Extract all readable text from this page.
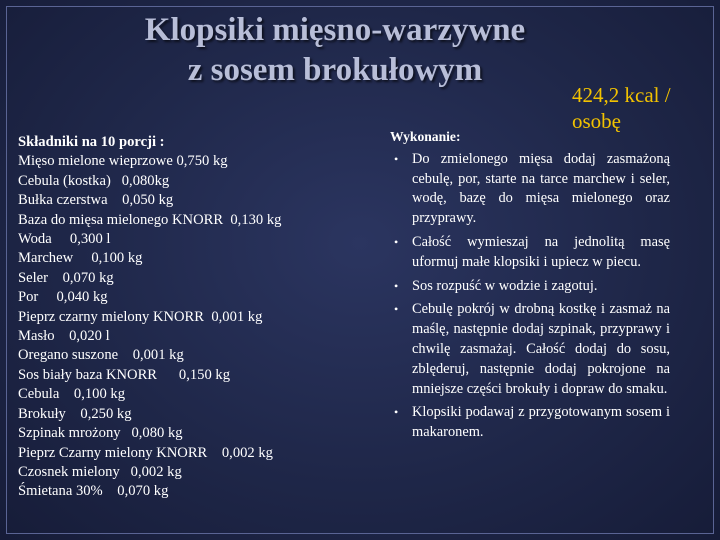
Klopsiki mięsno-warzywne
z sosem brokułowym
424,2 kcal /
osobę
Składniki na 10 porcji :
Mięso mielone wieprzowe 0,750 kg
Cebula (kostka)   0,080kg
Bułka czerstwa    0,050 kg
Baza do mięsa mielonego KNORR  0,130 kg
Woda     0,300 l
Marchew     0,100 kg
Seler    0,070 kg
Por     0,040 kg
Pieprz czarny mielony KNORR  0,001 kg
Masło    0,020 l
Oregano suszone    0,001 kg
Sos biały baza KNORR      0,150 kg
Cebula    0,100 kg
Brokuły    0,250 kg
Szpinak mrożony   0,080 kg
Pieprz Czarny mielony KNORR    0,002 kg
Czosnek mielony   0,002 kg
Śmietana 30%    0,070 kg
Wykonanie:
• Do zmielonego mięsa dodaj zasmażoną cebulę, por, starte na tarce marchew i seler, wodę, bazę do mięsa mielonego oraz przyprawy.
• Całość wymieszaj na jednolitą masę uformuj małe klopsiki i upiecz w piecu.
• Sos rozpuść w wodzie i zagotuj.
• Cebulę pokrój w drobną kostkę i zasmaż na maślę, następnie dodaj szpinak, przyprawy i chwilę zasmażaj. Całość dodaj do sosu, zblęderuj, następnie dodaj pokrojone na mniejsze części brokuły i dopraw do smaku.
• Klopsiki podawaj z przygotowanym sosem i makaronem.
